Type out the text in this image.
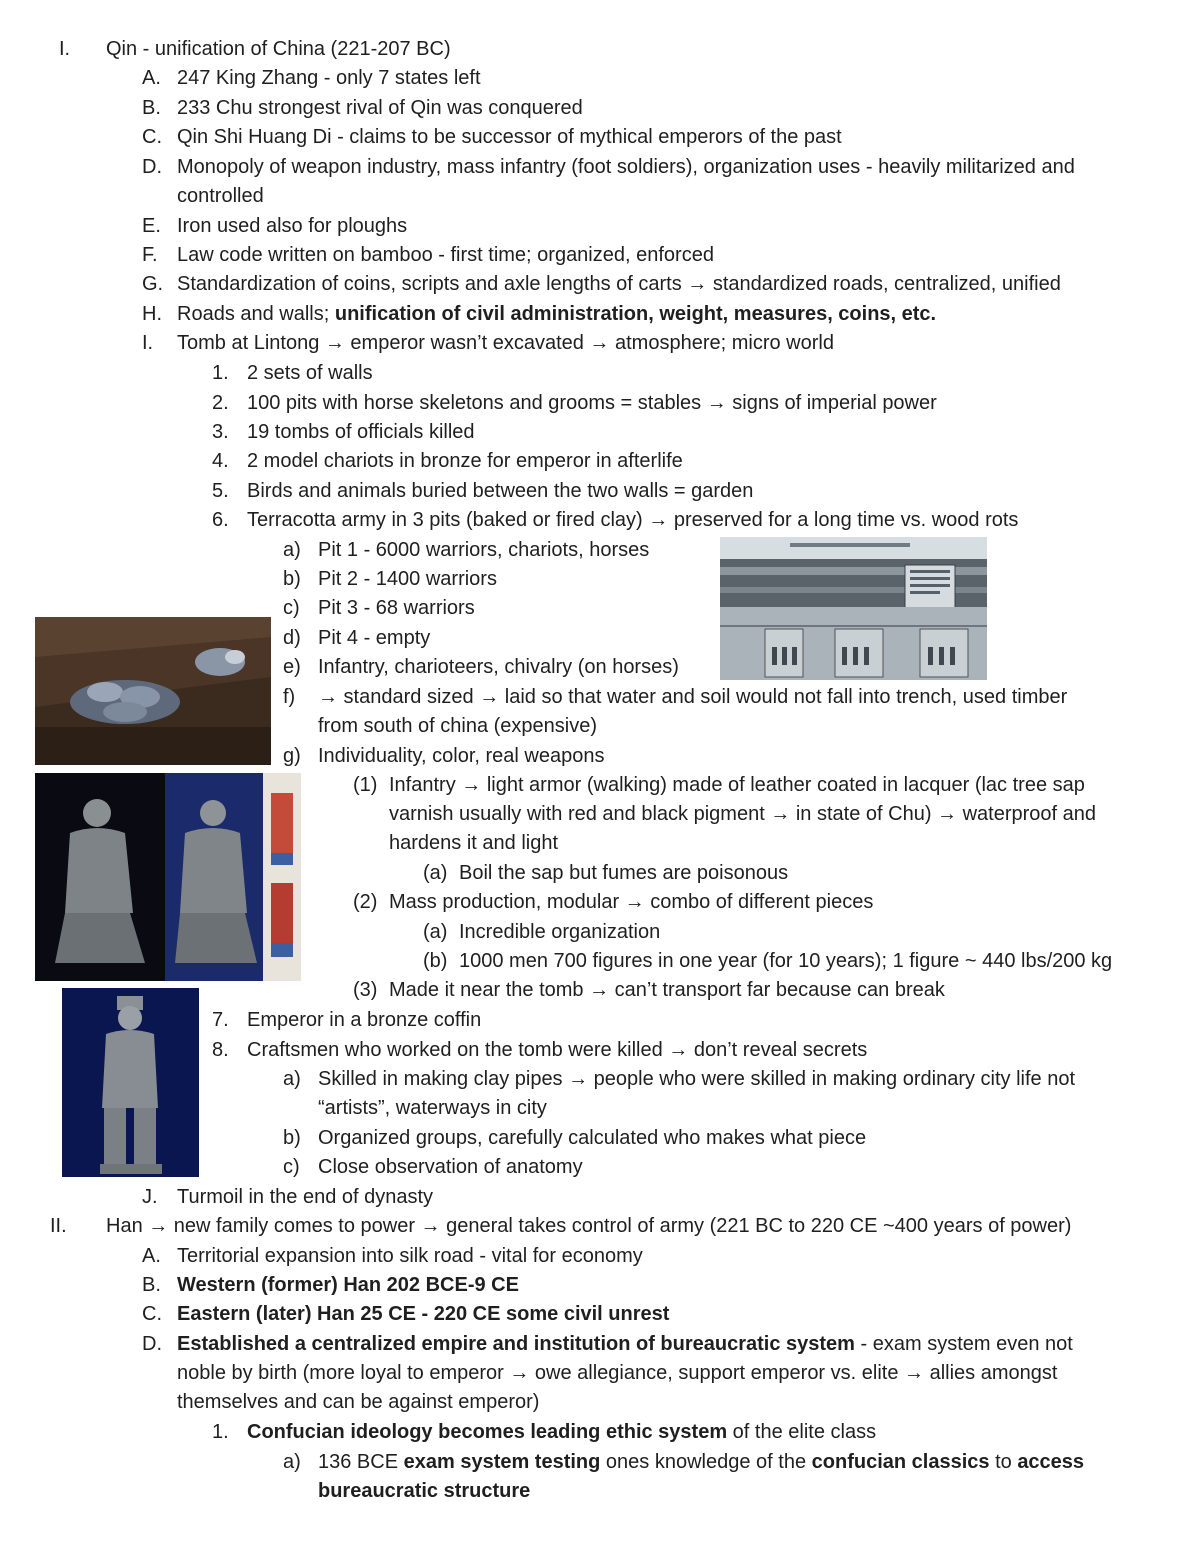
I. Qin - unification of China (221-207 BC)
A. 247 King Zhang - only 7 states left
B. 233 Chu strongest rival of Qin was conquered
C. Qin Shi Huang Di - claims to be successor of mythical emperors of the past
D. Monopoly of weapon industry, mass infantry (foot soldiers), organization uses - heavily militarized and
controlled
E. Iron used also for ploughs
F. Law code written on bamboo - first time; organized, enforced
G. Standardization of coins, scripts and axle lengths of carts → standardized roads, centralized, unified
H. Roads and walls; unification of civil administration, weight, measures, coins, etc.
I. Tomb at Lintong → emperor wasn’t excavated → atmosphere; micro world
1. 2 sets of walls
2. 100 pits with horse skeletons and grooms = stables → signs of imperial power
3. 19 tombs of officials killed
4. 2 model chariots in bronze for emperor in afterlife
5. Birds and animals buried between the two walls = garden
6. Terracotta army in 3 pits (baked or fired clay) → preserved for a long time vs. wood rots
a) Pit 1 - 6000 warriors, chariots, horses
b) Pit 2 - 1400 warriors
c) Pit 3 - 68 warriors
d) Pit 4 - empty
e) Infantry, charioteers, chivalry (on horses)
f) → standard sized → laid so that water and soil would not fall into trench, used timber
from south of china (expensive)
g) Individuality, color, real weapons
(1) Infantry → light armor (walking) made of leather coated in lacquer (lac tree sap
varnish usually with red and black pigment → in state of Chu) → waterproof and
hardens it and light
(a) Boil the sap but fumes are poisonous
(2) Mass production, modular → combo of different pieces
(a) Incredible organization
(b) 1000 men 700 figures in one year (for 10 years); 1 figure ~ 440 lbs/200 kg
(3) Made it near the tomb → can’t transport far because can break
7. Emperor in a bronze coffin
8. Craftsmen who worked on the tomb were killed → don’t reveal secrets
a) Skilled in making clay pipes → people who were skilled in making ordinary city life not
“artists”, waterways in city
b) Organized groups, carefully calculated who makes what piece
c) Close observation of anatomy
J. Turmoil in the end of dynasty
II. Han → new family comes to power → general takes control of army (221 BC to 220 CE ~400 years of power)
A. Territorial expansion into silk road - vital for economy
B. Western (former) Han 202 BCE-9 CE
C. Eastern (later) Han 25 CE - 220 CE some civil unrest
D. Established a centralized empire and institution of bureaucratic system - exam system even not
noble by birth (more loyal to emperor → owe allegiance, support emperor vs. elite → allies amongst
themselves and can be against emperor)
1. Confucian ideology becomes leading ethic system of the elite class
a) 136 BCE exam system testing ones knowledge of the confucian classics to access
bureaucratic structure
